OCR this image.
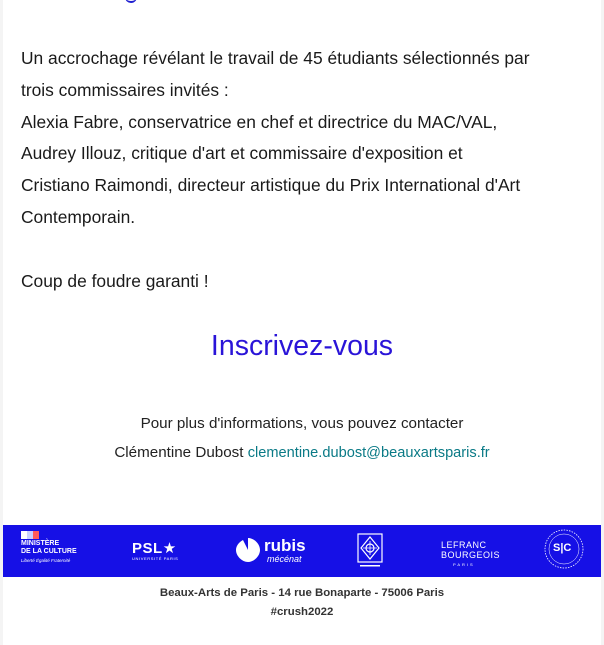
Un accrochage révélant le travail de 45 étudiants sélectionnés par

trois commissaires invités :

Alexia Fabre, conservatrice en chef et directrice du MAC/VAL,

Audrey Illouz, critique d'art et commissaire d'exposition et

Cristiano Raimondi, directeur artistique du Prix International d'Art

Contemporain.

Coup de foudre garanti !

Inscrivez-vous
Pour plus d'informations, vous pouvez contacter
Clémentine Dubost clementine.dubost@beauxartsparis.fr
MINISTÈRE
DE LA CULTURE
Liberté Égalité Fraternité
PSL★
UNIVERSITÉ PARIS
rubis
mécénat
LEFRANC
BOURGEOIS
PARIS
S|C
Beaux-Arts de Paris - 14 rue Bonaparte - 75006 Paris
#crush2022
